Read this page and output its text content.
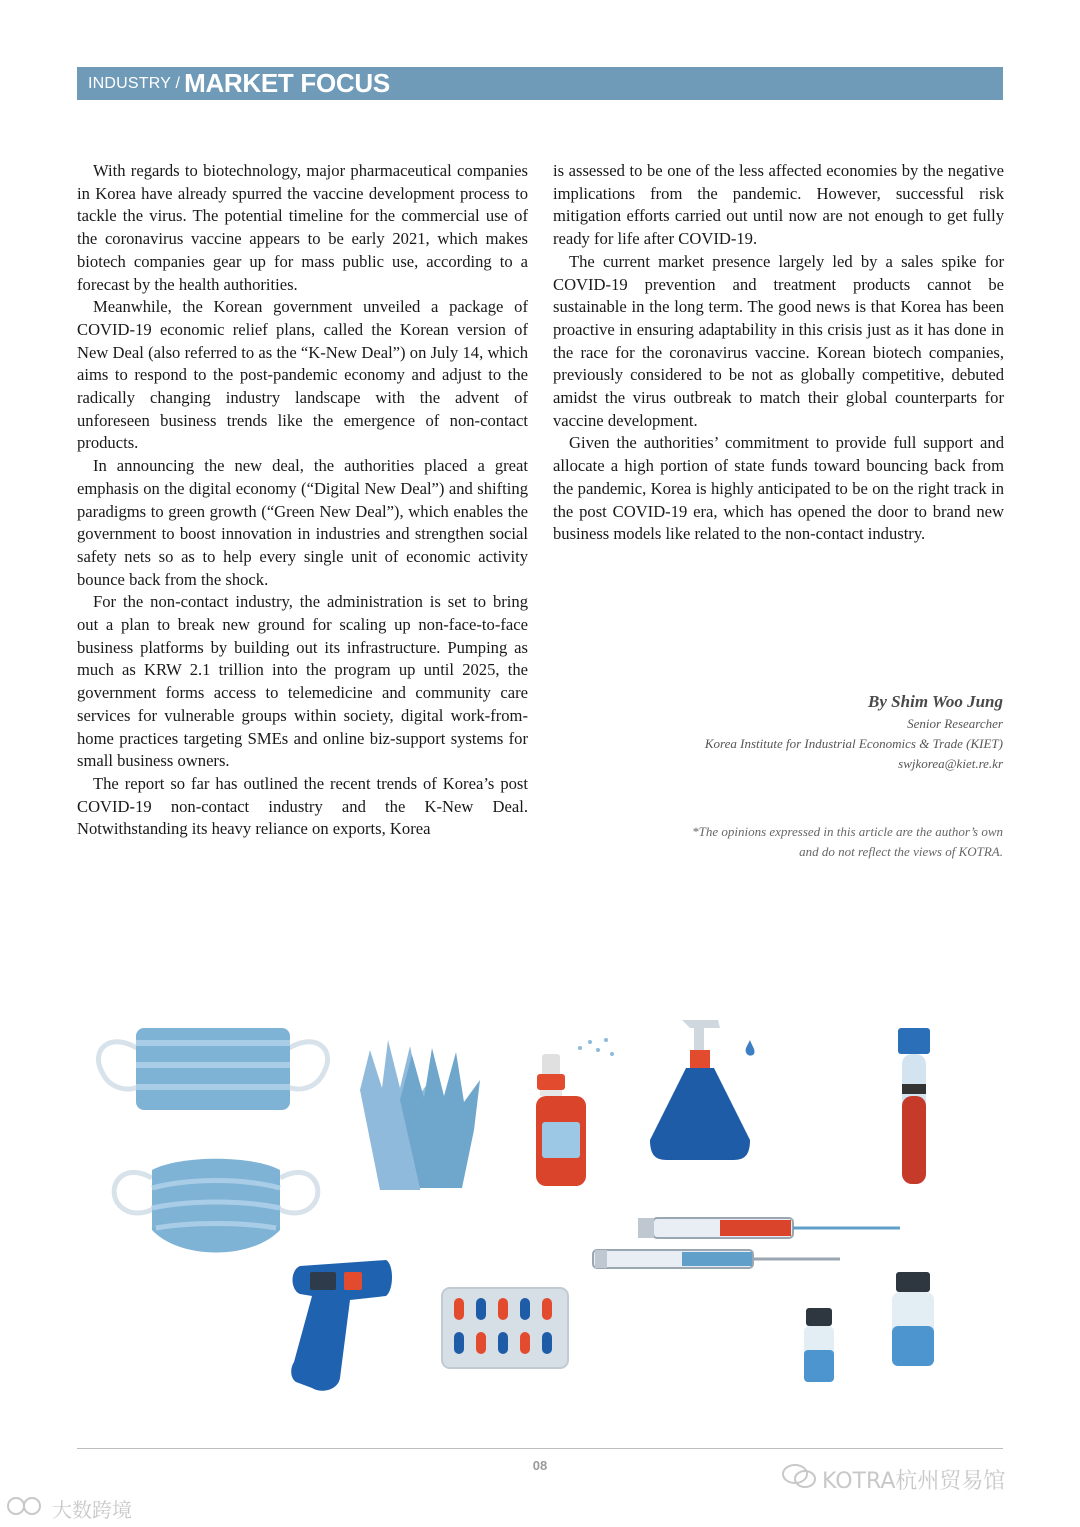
INDUSTRY / MARKET FOCUS

With regards to biotechnology, major pharmaceutical companies in Korea have already spurred the vaccine development process to tackle the virus. The potential timeline for the commercial use of the coronavirus vaccine appears to be early 2021, which makes biotech companies gear up for mass public use, according to a forecast by the health authorities.

Meanwhile, the Korean government unveiled a package of COVID-19 economic relief plans, called the Korean version of New Deal (also referred to as the “K-New Deal”) on July 14, which aims to respond to the post-pandemic economy and adjust to the radically changing industry landscape with the advent of unforeseen business trends like the emergence of non-contact products.

In announcing the new deal, the authorities placed a great emphasis on the digital economy (“Digital New Deal”) and shifting paradigms to green growth (“Green New Deal”), which enables the government to boost innovation in industries and strengthen social safety nets so as to help every single unit of economic activity bounce back from the shock.

For the non-contact industry, the administration is set to bring out a plan to break new ground for scaling up non-face-to-face business platforms by building out its infrastructure. Pumping as much as KRW 2.1 trillion into the program up until 2025, the government forms access to telemedicine and community care services for vulnerable groups within society, digital work-from-home practices targeting SMEs and online biz-support systems for small business owners.

The report so far has outlined the recent trends of Korea’s post COVID-19 non-contact industry and the K-New Deal. Notwithstanding its heavy reliance on exports, Korea

is assessed to be one of the less affected economies by the negative implications from the pandemic. However, successful risk mitigation efforts carried out until now are not enough to get fully ready for life after COVID-19.

The current market presence largely led by a sales spike for COVID-19 prevention and treatment products cannot be sustainable in the long term. The good news is that Korea has been proactive in ensuring adaptability in this crisis just as it has done in the race for the coronavirus vaccine. Korean biotech companies, previously considered to be not as globally competitive, debuted amidst the virus outbreak to match their global counterparts for vaccine development.

Given the authorities’ commitment to provide full support and allocate a high portion of state funds toward bouncing back from the pandemic, Korea is highly anticipated to be on the right track in the post COVID-19 era, which has opened the door to brand new business models like related to the non-contact industry.

By Shim Woo Jung
Senior Researcher
Korea Institute for Industrial Economics & Trade (KIET)
swjkorea@kiet.re.kr
*The opinions expressed in this article are the author’s own
and do not reflect the views of KOTRA.
08
KOTRA杭州贸易馆
大数跨境
